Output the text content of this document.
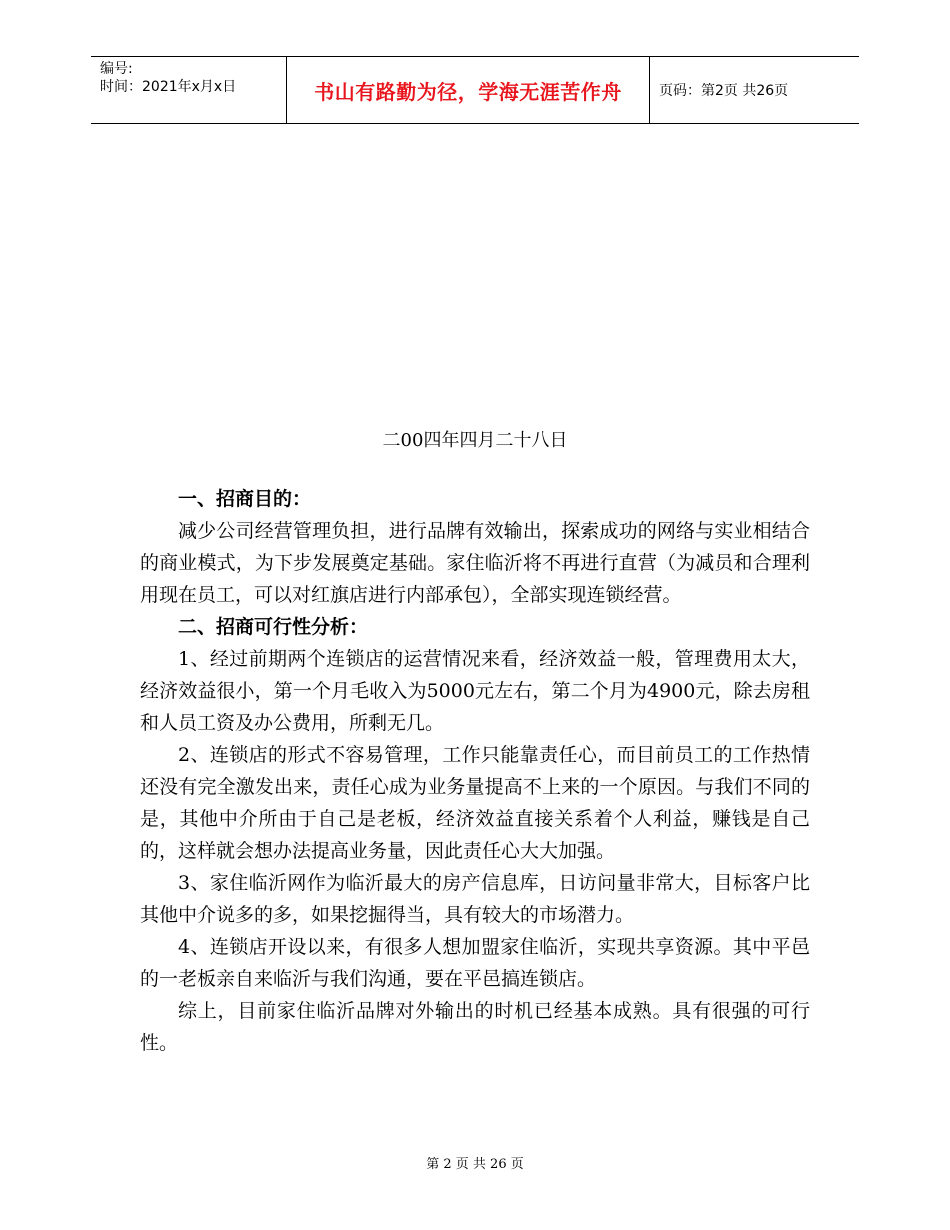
编号:
时间：2021年x月x日	书山有路勤为径，学海无涯苦作舟	页码：第2页 共26页
二00四年四月二十八日
一、招商目的：

减少公司经营管理负担，进行品牌有效输出，探索成功的网络与实业相结合的商业模式，为下步发展奠定基础。家住临沂将不再进行直营（为减员和合理利用现在员工，可以对红旗店进行内部承包），全部实现连锁经营。

二、招商可行性分析：

1、经过前期两个连锁店的运营情况来看，经济效益一般，管理费用太大，经济效益很小，第一个月毛收入为5000元左右，第二个月为4900元，除去房租和人员工资及办公费用，所剩无几。

2、连锁店的形式不容易管理，工作只能靠责任心，而目前员工的工作热情还没有完全激发出来，责任心成为业务量提高不上来的一个原因。与我们不同的是，其他中介所由于自己是老板，经济效益直接关系着个人利益，赚钱是自己的，这样就会想办法提高业务量，因此责任心大大加强。

3、家住临沂网作为临沂最大的房产信息库，日访问量非常大，目标客户比其他中介说多的多，如果挖掘得当，具有较大的市场潜力。

4、连锁店开设以来，有很多人想加盟家住临沂，实现共享资源。其中平邑的一老板亲自来临沂与我们沟通，要在平邑搞连锁店。

综上，目前家住临沂品牌对外输出的时机已经基本成熟。具有很强的可行性。

第 2 页 共 26 页
